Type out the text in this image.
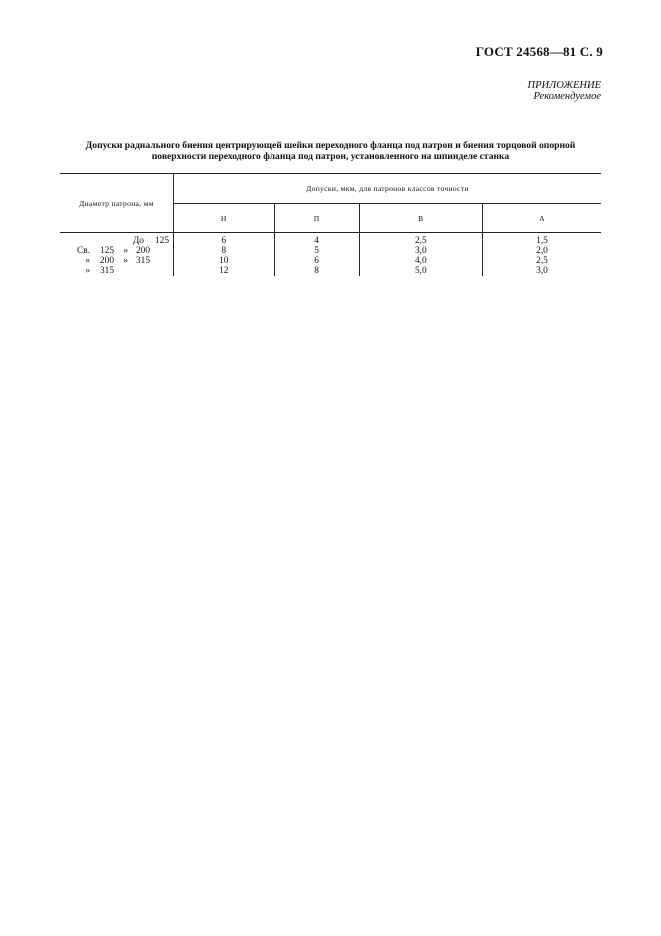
ГОСТ 24568—81 С. 9
ПРИЛОЖЕНИЕ
Рекомендуемое
Допуски радиального биения центрирующей шейки переходного фланца под патрон и биения торцовой опорной
поверхности переходного фланца под патрон, установленного на шпинделе станка
Диаметр патрона, мм	Допуски, мкм, для патронов классов точности			
	Н	П	В	А
До 125	6	4	2,5	1,5
Св. 125 » 200	8	5	3,0	2,0
» 200 » 315	10	6	4,0	2,5
» 315	12	8	5,0	3,0
